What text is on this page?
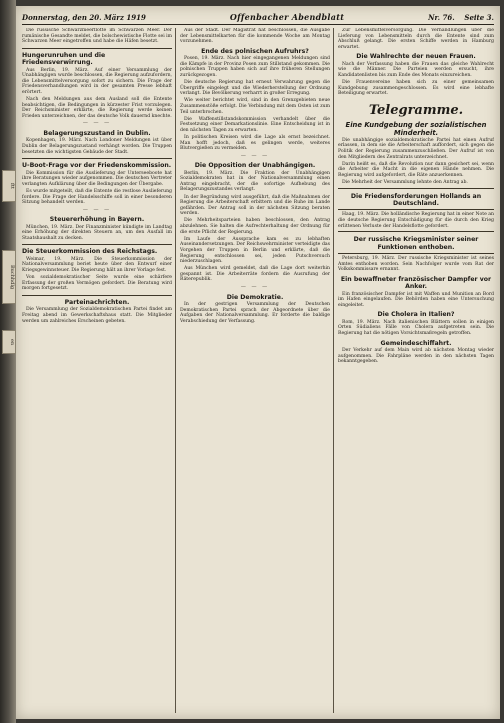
ftt
Buchhdlg
en
Donnerstag, den 20. März 1919	Offenbacher Abendblatt	Nr. 76. Seite 3.

Die russische Schwarzmeerflotte im Schwarzen Meer. Der rumänische Gesandte meldet, die bolschewistische Flotte sei im Schwarzen Meer eingetroffen und habe die Häfen besetzt.

Hungerunruhen und die Friedensverwirrung.

Aus Berlin, 19. März. Auf einer Versammlung der Unabhängigen wurde beschlossen, die Regierung aufzufordern, die Lebensmittelversorgung sofort zu sichern. Die Frage der Friedensverhandlungen wird in der gesamten Presse lebhaft erörtert.

Nach den Meldungen aus dem Ausland soll die Entente beabsichtigen, die Bedingungen in kürzester Frist vorzulegen. Der Reichsminister erklärte, die Regierung werde keinen Frieden unterzeichnen, der das deutsche Volk dauernd knechte.

— — —
Belagerungszustand in Dublin.

Kopenhagen, 19. März. Nach Londoner Meldungen ist über Dublin der Belagerungszustand verhängt worden. Die Truppen besetzten die wichtigsten Gebäude der Stadt.

U-Boot-Frage vor der Friedenskommission.

Die Kommission für die Auslieferung der Unterseeboote hat ihre Beratungen wieder aufgenommen. Die deutschen Vertreter verlangten Aufklärung über die Bedingungen der Übergabe.

Es wurde mitgeteilt, daß die Entente die restlose Auslieferung fordere. Die Frage der Handelsschiffe soll in einer besonderen Sitzung behandelt werden.

— — —
Steuererhöhung in Bayern.

München, 19. März. Der Finanzminister kündigte im Landtag eine Erhöhung der direkten Steuern an, um den Ausfall im Staatshaushalt zu decken.

Die Steuerkommission des Reichstags.

Weimar, 19. März. Die Steuerkommission der Nationalversammlung beriet heute über den Entwurf einer Kriegsgewinnsteuer. Die Regierung hält an ihrer Vorlage fest.

Von sozialdemokratischer Seite wurde eine schärfere Erfassung der großen Vermögen gefordert. Die Beratung wird morgen fortgesetzt.

Parteinachrichten.

Die Versammlung der Sozialdemokratischen Partei findet am Freitag abend im Gewerkschaftshaus statt. Die Mitglieder werden um zahlreiches Erscheinen gebeten.

Aus der Stadt. Der Magistrat hat beschlossen, die Ausgabe der Lebensmittelkarten für die kommende Woche am Montag vorzunehmen.

Ende des polnischen Aufruhrs?

Posen, 19. März. Nach hier eingegangenen Meldungen sind die Kämpfe in der Provinz Posen zum Stillstand gekommen. Die polnischen Truppen haben sich auf ihre früheren Stellungen zurückgezogen.

Die deutsche Regierung hat erneut Verwahrung gegen die Übergriffe eingelegt und die Wiederherstellung der Ordnung verlangt. Die Bevölkerung verharrt in großer Erregung.

Wie weiter berichtet wird, sind in den Grenzgebieten neue Zusammenstöße erfolgt. Die Verbindung mit dem Osten ist zum Teil unterbrochen.

Die Waffenstillstandskommission verhandelt über die Festsetzung einer Demarkationslinie. Eine Entscheidung ist in den nächsten Tagen zu erwarten.

In politischen Kreisen wird die Lage als ernst bezeichnet. Man hofft jedoch, daß es gelingen werde, weiteres Blutvergießen zu vermeiden.

— — —
Die Opposition der Unabhängigen.

Berlin, 19. März. Die Fraktion der Unabhängigen Sozialdemokraten hat in der Nationalversammlung einen Antrag eingebracht, der die sofortige Aufhebung des Belagerungszustandes verlangt.

In der Begründung wird ausgeführt, daß die Maßnahmen der Regierung die Arbeiterschaft erbittern und die Ruhe im Lande gefährden. Der Antrag soll in der nächsten Sitzung beraten werden.

Die Mehrheitsparteien haben beschlossen, den Antrag abzulehnen. Sie halten die Aufrechterhaltung der Ordnung für die erste Pflicht der Regierung.

Im Laufe der Aussprache kam es zu lebhaften Auseinandersetzungen. Der Reichswehrminister verteidigte das Vorgehen der Truppen in Berlin und erklärte, daß die Regierung entschlossen sei, jeden Putschversuch niederzuschlagen.

Aus München wird gemeldet, daß die Lage dort weiterhin gespannt ist. Die Arbeiterräte fordern die Ausrufung der Räterepublik.

— — —
Die Demokratie.

In der gestrigen Versammlung der Deutschen Demokratischen Partei sprach der Abgeordnete über die Aufgaben der Nationalversammlung. Er forderte die baldige Verabschiedung der Verfassung.

Zur Lebensmittelversorgung. Die Verhandlungen über die Lieferung von Lebensmitteln durch die Entente sind zum Abschluß gelangt. Die ersten Schiffe werden in Hamburg erwartet.

Die Wahlrechte der neuen Frauen.

Nach der Verfassung haben die Frauen das gleiche Wahlrecht wie die Männer. Die Parteien werden ersucht, ihre Kandidatenlisten bis zum Ende des Monats einzureichen.

Die Frauenvereine haben sich zu einer gemeinsamen Kundgebung zusammengeschlossen. Es wird eine lebhafte Beteiligung erwartet.

Telegramme.
Eine Kundgebung der sozialistischen Minderheit.

Die unabhängige sozialdemokratische Partei hat einen Aufruf erlassen, in dem sie die Arbeiterschaft auffordert, sich gegen die Politik der Regierung zusammenzuschließen. Der Aufruf ist von den Mitgliedern des Zentralrats unterzeichnet.

Darin heißt es, daß die Revolution nur dann gesichert sei, wenn die Arbeiter die Macht in die eigenen Hände nehmen. Die Regierung wird aufgefordert, die Räte anzuerkennen.

Die Mehrheit der Versammlung lehnte den Antrag ab.

Die Friedensforderungen Hollands an Deutschland.

Haag, 19. März. Die holländische Regierung hat in einer Note an die deutsche Regierung Entschädigung für die durch den Krieg erlittenen Verluste der Handelsflotte gefordert.

Der russische Kriegsminister seiner Funktionen enthoben.

Petersburg, 19. März. Der russische Kriegsminister ist seines Amtes enthoben worden. Sein Nachfolger wurde vom Rat der Volkskommissare ernannt.

Ein bewaffneter französischer Dampfer vor Anker.

Ein französischer Dampfer ist mit Waffen und Munition an Bord im Hafen eingelaufen. Die Behörden haben eine Untersuchung eingeleitet.

Die Cholera in Italien?

Rom, 19. März. Nach italienischen Blättern sollen in einigen Orten Südialiens Fälle von Cholera aufgetreten sein. Die Regierung hat die nötigen Vorsichtsmaßregeln getroffen.

Gemeindeschiffahrt.

Der Verkehr auf dem Main wird ab nächsten Montag wieder aufgenommen. Die Fahrpläne werden in den nächsten Tagen bekanntgegeben.
